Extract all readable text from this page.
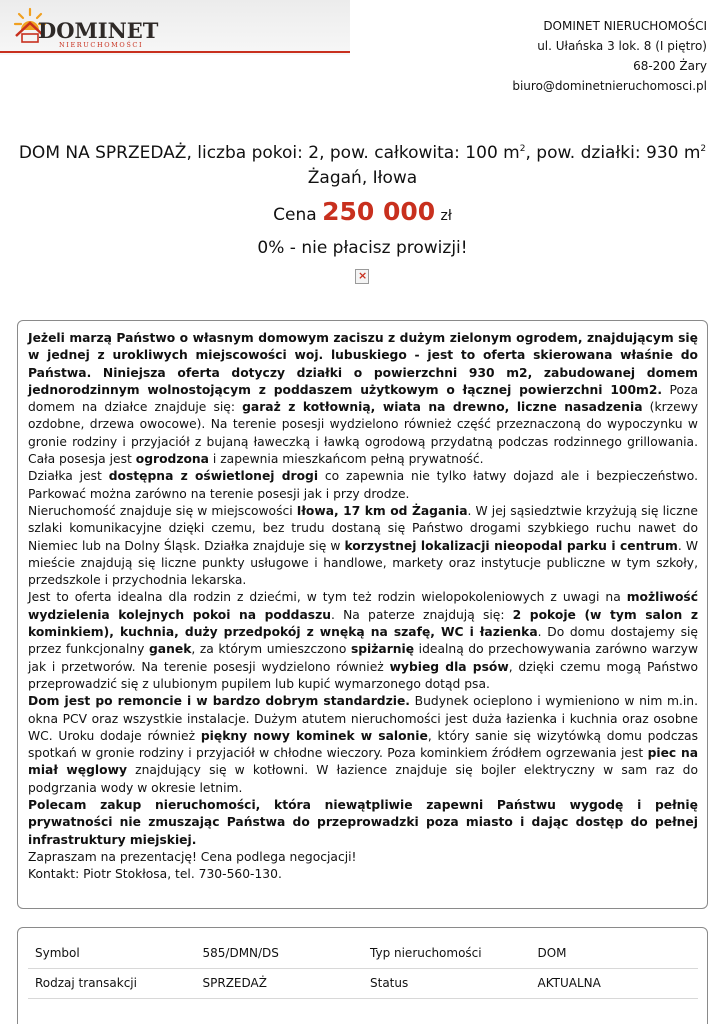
DOMINET
NIERUCHOMOŚCI
DOMINET NIERUCHOMOŚCI
ul. Ułańska 3 lok. 8 (I piętro)
68-200 Żary
biuro@dominetnieruchomosci.pl
DOM NA SPRZEDAŻ, liczba pokoi: 2, pow. całkowita: 100 $m^2$, pow. działki: 930 $m^2$
Żagań, Iłowa
Cena 250 000 zł
0% - nie płacisz prowizji!
×

Jeżeli marzą Państwo o własnym domowym zaciszu z dużym zielonym ogrodem, znajdującym się w jednej z urokliwych miejscowości woj. lubuskiego - jest to oferta skierowana właśnie do Państwa. Niniejsza oferta dotyczy działki o powierzchni 930 m2, zabudowanej domem jednorodzinnym wolnostojącym z poddaszem użytkowym o łącznej powierzchni 100m2. Poza domem na działce znajduje się: garaż z kotłownią, wiata na drewno, liczne nasadzenia (krzewy ozdobne, drzewa owocowe). Na terenie posesji wydzielono również część przeznaczoną do wypoczynku w gronie rodziny i przyjaciół z bujaną ławeczką i ławką ogrodową przydatną podczas rodzinnego grillowania. Cała posesja jest ogrodzona i zapewnia mieszkańcom pełną prywatność.

Działka jest dostępna z oświetlonej drogi co zapewnia nie tylko łatwy dojazd ale i bezpieczeństwo. Parkować można zarówno na terenie posesji jak i przy drodze.

Nieruchomość znajduje się w miejscowości Iłowa, 17 km od Żagania. W jej sąsiedztwie krzyżują się liczne szlaki komunikacyjne dzięki czemu, bez trudu dostaną się Państwo drogami szybkiego ruchu nawet do Niemiec lub na Dolny Śląsk. Działka znajduje się w korzystnej lokalizacji nieopodal parku i centrum. W mieście znajdują się liczne punkty usługowe i handlowe, markety oraz instytucje publiczne w tym szkoły, przedszkole i przychodnia lekarska.

Jest to oferta idealna dla rodzin z dziećmi, w tym też rodzin wielopokoleniowych z uwagi na możliwość wydzielenia kolejnych pokoi na poddaszu. Na paterze znajdują się: 2 pokoje (w tym salon z kominkiem), kuchnia, duży przedpokój z wnęką na szafę, WC i łazienka. Do domu dostajemy się przez funkcjonalny ganek, za którym umieszczono spiżarnię idealną do przechowywania zarówno warzyw jak i przetworów. Na terenie posesji wydzielono również wybieg dla psów, dzięki czemu mogą Państwo przeprowadzić się z ulubionym pupilem lub kupić wymarzonego dotąd psa.

Dom jest po remoncie i w bardzo dobrym standardzie. Budynek ocieplono i wymieniono w nim m.in. okna PCV oraz wszystkie instalacje. Dużym atutem nieruchomości jest duża łazienka i kuchnia oraz osobne WC. Uroku dodaje również piękny nowy kominek w salonie, który sanie się wizytówką domu podczas spotkań w gronie rodziny i przyjaciół w chłodne wieczory. Poza kominkiem źródłem ogrzewania jest piec na miał węglowy znajdujący się w kotłowni. W łazience znajduje się bojler elektryczny w sam raz do podgrzania wody w okresie letnim.

Polecam zakup nieruchomości, która niewątpliwie zapewni Państwu wygodę i pełnię prywatności nie zmuszając Państwa do przeprowadzki poza miasto i dając dostęp do pełnej infrastruktury miejskiej.

Zapraszam na prezentację! Cena podlega negocjacji!

Kontakt: Piotr Stokłosa, tel. 730-560-130.

Symbol	585/DMN/DS	Typ nieruchomości	DOM
Rodzaj transakcji	SPRZEDAŻ	Status	AKTUALNA
